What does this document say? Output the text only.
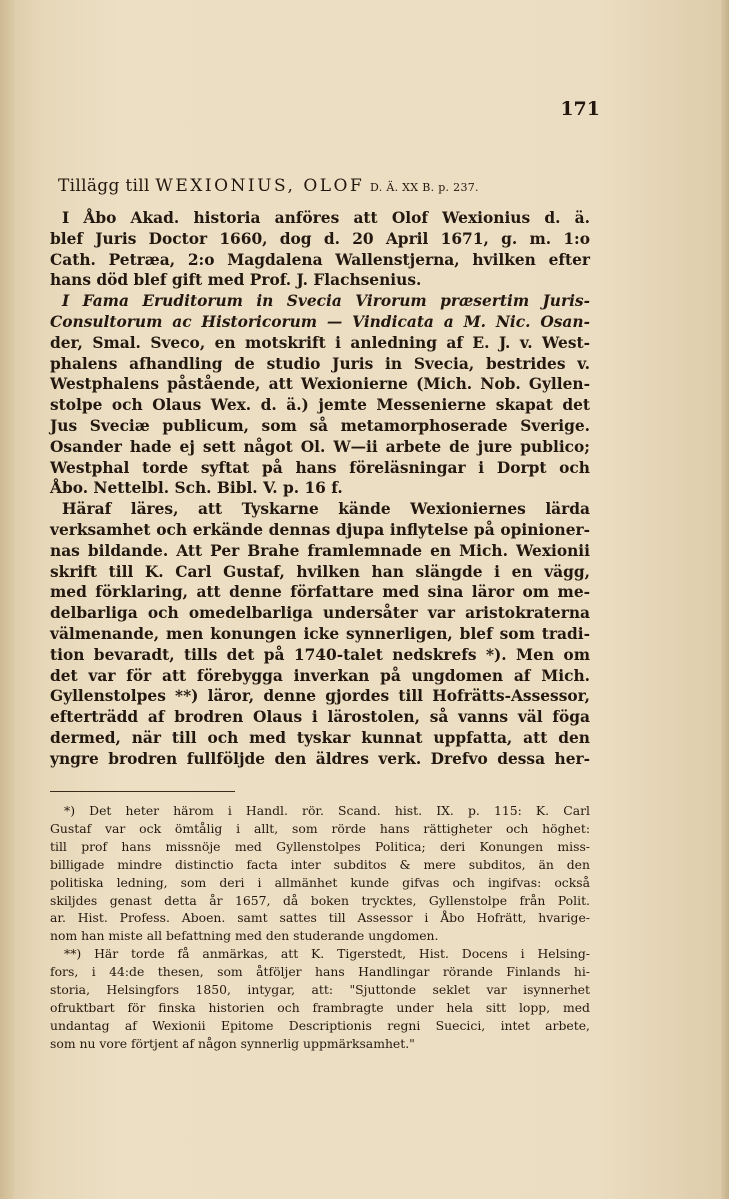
171
Tillägg till WEXIONIUS, OLOF D. Ä. XX B. p. 237.
I Åbo Akad. historia anföres att Olof Wexionius d. ä.
blef Juris Doctor 1660, dog d. 20 April 1671, g. m. 1:o
Cath. Petræa, 2:o Magdalena Wallenstjerna, hvilken efter
hans död blef gift med Prof. J. Flachsenius.
I Fama Eruditorum in Svecia Virorum præsertim Juris-
Consultorum ac Historicorum — Vindicata a M. Nic. Osan-
der, Smal. Sveco, en motskrift i anledning af E. J. v. West-
phalens afhandling de studio Juris in Svecia, bestrides v.
Westphalens påstående, att Wexionierne (Mich. Nob. Gyllen-
stolpe och Olaus Wex. d. ä.) jemte Messenierne skapat det
Jus Sveciæ publicum, som så metamorphoserade Sverige.
Osander hade ej sett något Ol. W—ii arbete de jure publico;
Westphal torde syftat på hans föreläsningar i Dorpt och
Åbo. Nettelbl. Sch. Bibl. V. p. 16 f.
Häraf läres, att Tyskarne kände Wexioniernes lärda
verksamhet och erkände dennas djupa inflytelse på opinioner-
nas bildande. Att Per Brahe framlemnade en Mich. Wexionii
skrift till K. Carl Gustaf, hvilken han slängde i en vägg,
med förklaring, att denne författare med sina läror om me-
delbarliga och omedelbarliga undersåter var aristokraterna
välmenande, men konungen icke synnerligen, blef som tradi-
tion bevaradt, tills det på 1740-talet nedskrefs *). Men om
det var för att förebygga inverkan på ungdomen af Mich.
Gyllenstolpes **) läror, denne gjordes till Hofrätts-Assessor,
efterträdd af brodren Olaus i lärostolen, så vanns väl föga
dermed, när till och med tyskar kunnat uppfatta, att den
yngre brodren fullföljde den äldres verk. Drefvo dessa her-
*) Det heter härom i Handl. rör. Scand. hist. IX. p. 115: K. Carl
Gustaf var ock ömtålig i allt, som rörde hans rättigheter och höghet:
till prof hans missnöje med Gyllenstolpes Politica; deri Konungen miss-
billigade mindre distinctio facta inter subditos & mere subditos, än den
politiska ledning, som deri i allmänhet kunde gifvas och ingifvas: också
skiljdes genast detta år 1657, då boken trycktes, Gyllenstolpe från Polit.
ar. Hist. Profess. Aboen. samt sattes till Assessor i Åbo Hofrätt, hvarige-
nom han miste all befattning med den studerande ungdomen.
**) Här torde få anmärkas, att K. Tigerstedt, Hist. Docens i Helsing-
fors, i 44:de thesen, som åtföljer hans Handlingar rörande Finlands hi-
storia, Helsingfors 1850, intygar, att: "Sjuttonde seklet var isynnerhet
ofruktbart för finska historien och frambragte under hela sitt lopp, med
undantag af Wexionii Epitome Descriptionis regni Suecici, intet arbete,
som nu vore förtjent af någon synnerlig uppmärksamhet."
